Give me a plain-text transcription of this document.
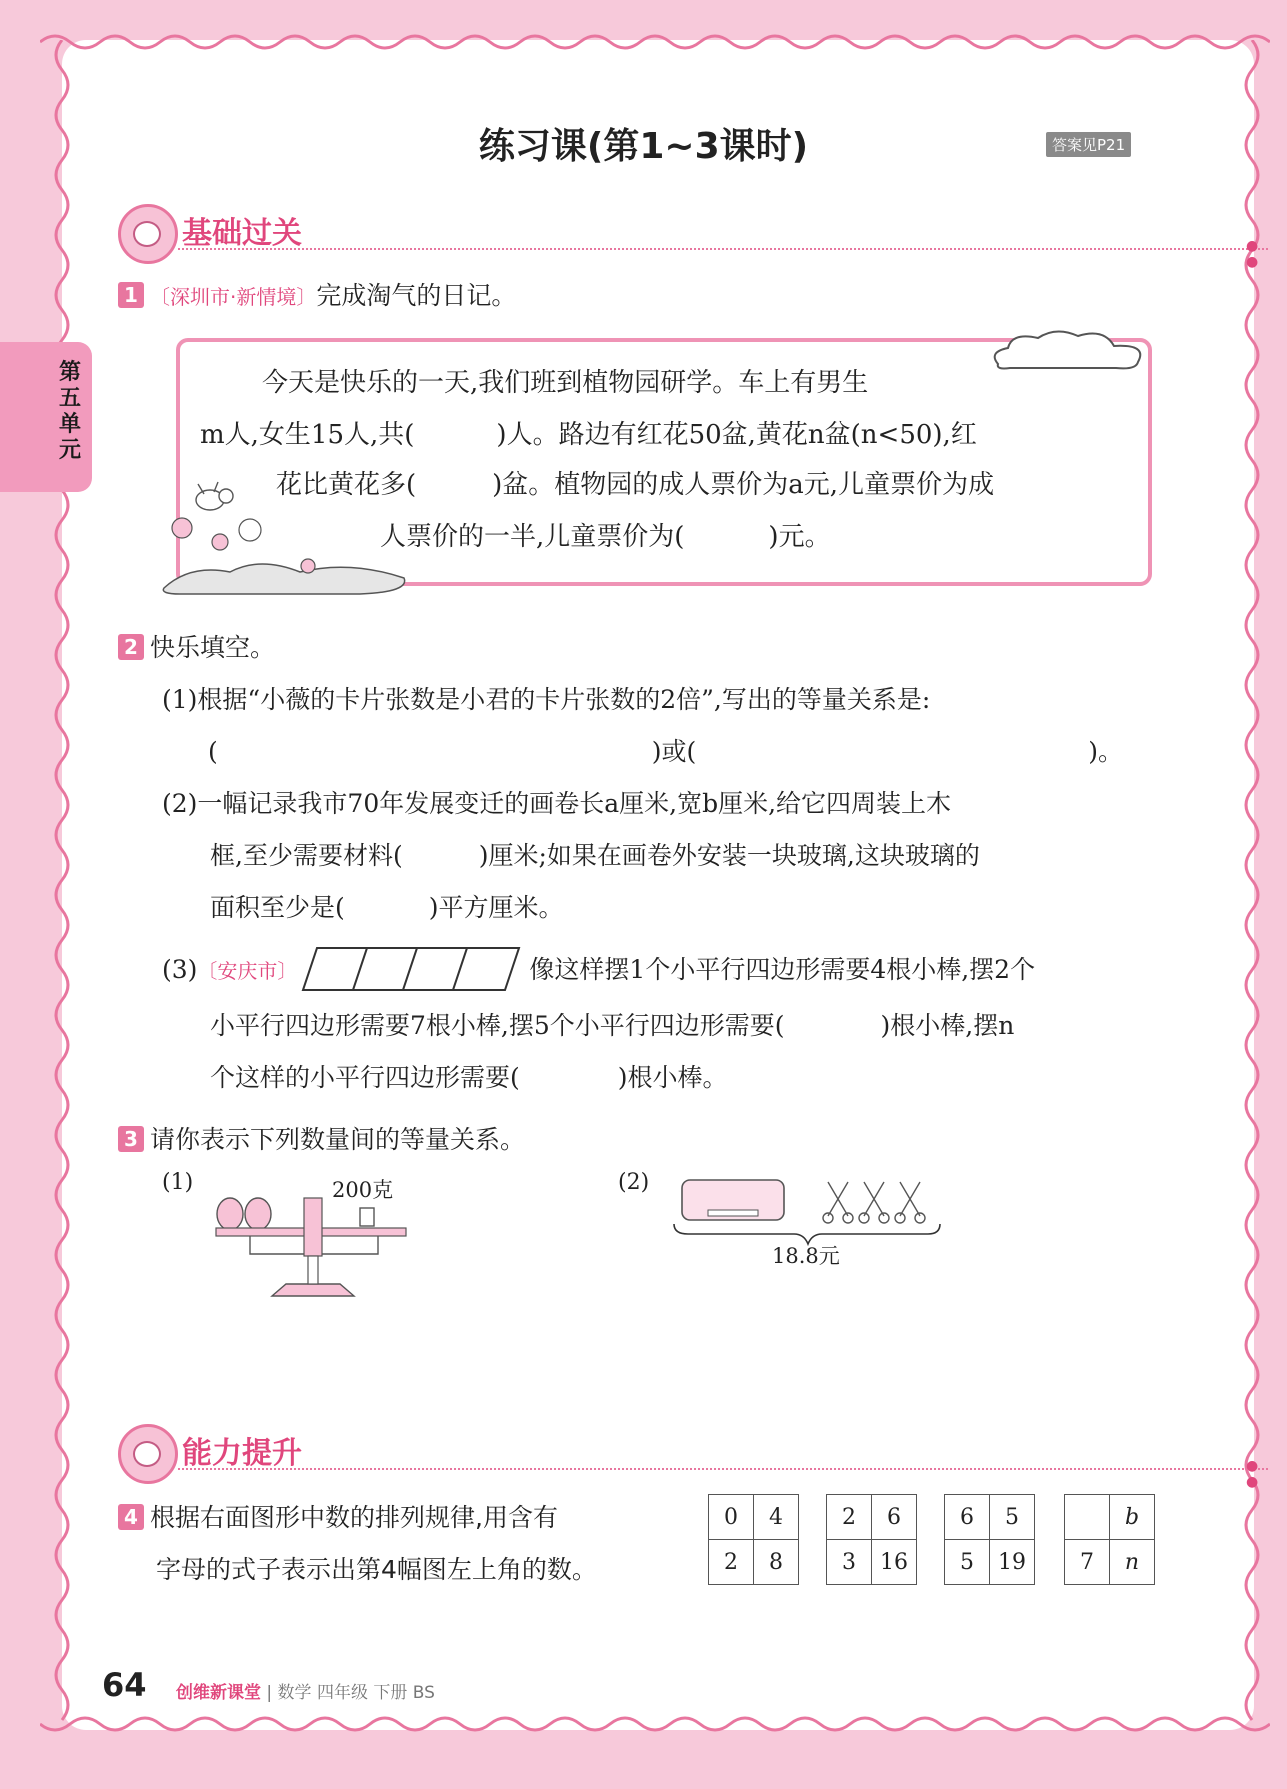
第五单元
练习课(第1~3课时)	答案见P21
基础过关	● ●
1 〔深圳市·新情境〕完成淘气的日记。
今天是快乐的一天,我们班到植物园研学。车上有男生
m人,女生15人,共(	)人。路边有红花50盆,黄花n盆(n<50),红
花比黄花多(	)盆。植物园的成人票价为a元,儿童票价为成
人票价的一半,儿童票价为(	)元。
2 快乐填空。
(1)根据“小薇的卡片张数是小君的卡片张数的2倍”,写出的等量关系是:
(	)或(	)。
(2)一幅记录我市70年发展变迁的画卷长a厘米,宽b厘米,给它四周装上木
框,至少需要材料(	)厘米;如果在画卷外安装一块玻璃,这块玻璃的
面积至少是(	)平方厘米。
(3)〔安庆市〕	像这样摆1个小平行四边形需要4根小棒,摆2个
小平行四边形需要7根小棒,摆5个小平行四边形需要(	)根小棒,摆n
个这样的小平行四边形需要(	)根小棒。
3 请你表示下列数量间的等量关系。
(1)	200克	(2)
18.8元
能力提升	● ●
4 根据右面图形中数的排列规律,用含有
字母的式子表示出第4幅图左上角的数。
0	4
2	8
2	6
3	16
6	5
5	19
	b
7	n
64 创维新课堂 | 数学 四年级 下册 BS
